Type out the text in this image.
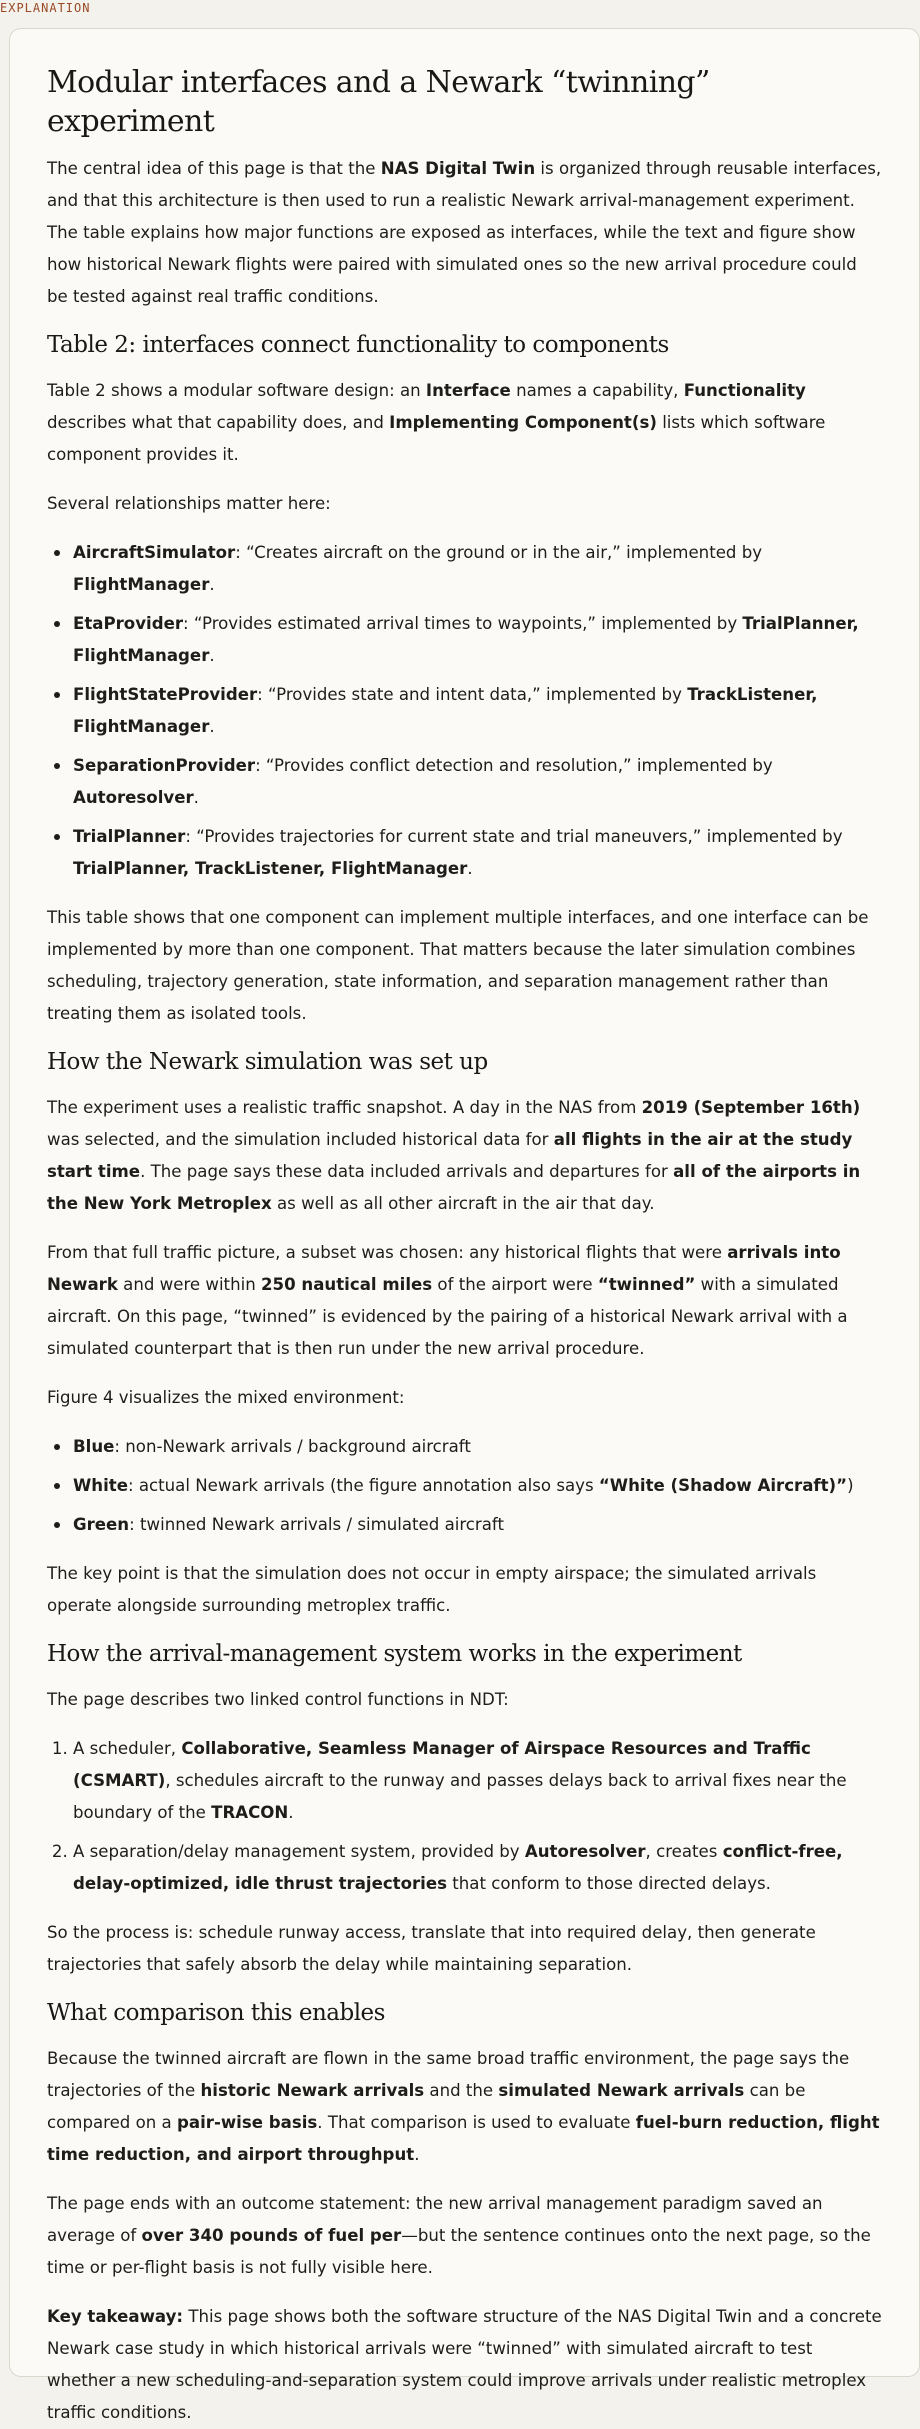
EXPLANATION
Modular interfaces and a Newark “twinning” experiment

The central idea of this page is that the NAS Digital Twin is organized through reusable interfaces, and that this architecture is then used to run a realistic Newark arrival-management experiment. The table explains how major functions are exposed as interfaces, while the text and figure show how historical Newark flights were paired with simulated ones so the new arrival procedure could be tested against real traffic conditions.

Table 2: interfaces connect functionality to components

Table 2 shows a modular software design: an Interface names a capability, Functionality describes what that capability does, and Implementing Component(s) lists which software component provides it.

Several relationships matter here:

AircraftSimulator: “Creates aircraft on the ground or in the air,” implemented by FlightManager.
EtaProvider: “Provides estimated arrival times to waypoints,” implemented by TrialPlanner, FlightManager.
FlightStateProvider: “Provides state and intent data,” implemented by TrackListener, FlightManager.
SeparationProvider: “Provides conflict detection and resolution,” implemented by Autoresolver.
TrialPlanner: “Provides trajectories for current state and trial maneuvers,” implemented by TrialPlanner, TrackListener, FlightManager.

This table shows that one component can implement multiple interfaces, and one interface can be implemented by more than one component. That matters because the later simulation combines scheduling, trajectory generation, state information, and separation management rather than treating them as isolated tools.

How the Newark simulation was set up

The experiment uses a realistic traffic snapshot. A day in the NAS from 2019 (September 16th) was selected, and the simulation included historical data for all flights in the air at the study start time. The page says these data included arrivals and departures for all of the airports in the New York Metroplex as well as all other aircraft in the air that day.

From that full traffic picture, a subset was chosen: any historical flights that were arrivals into Newark and were within 250 nautical miles of the airport were “twinned” with a simulated aircraft. On this page, “twinned” is evidenced by the pairing of a historical Newark arrival with a simulated counterpart that is then run under the new arrival procedure.

Figure 4 visualizes the mixed environment:

Blue: non-Newark arrivals / background aircraft
White: actual Newark arrivals (the figure annotation also says “White (Shadow Aircraft)”)
Green: twinned Newark arrivals / simulated aircraft

The key point is that the simulation does not occur in empty airspace; the simulated arrivals operate alongside surrounding metroplex traffic.

How the arrival-management system works in the experiment

The page describes two linked control functions in NDT:

1. A scheduler, Collaborative, Seamless Manager of Airspace Resources and Traffic (CSMART), schedules aircraft to the runway and passes delays back to arrival fixes near the boundary of the TRACON.
2. A separation/delay management system, provided by Autoresolver, creates conflict-free, delay-optimized, idle thrust trajectories that conform to those directed delays.

So the process is: schedule runway access, translate that into required delay, then generate trajectories that safely absorb the delay while maintaining separation.

What comparison this enables

Because the twinned aircraft are flown in the same broad traffic environment, the page says the trajectories of the historic Newark arrivals and the simulated Newark arrivals can be compared on a pair-wise basis. That comparison is used to evaluate fuel-burn reduction, flight time reduction, and airport throughput.

The page ends with an outcome statement: the new arrival management paradigm saved an average of over 340 pounds of fuel per—but the sentence continues onto the next page, so the time or per-flight basis is not fully visible here.

Key takeaway: This page shows both the software structure of the NAS Digital Twin and a concrete Newark case study in which historical arrivals were “twinned” with simulated aircraft to test whether a new scheduling-and-separation system could improve arrivals under realistic metroplex traffic conditions.
